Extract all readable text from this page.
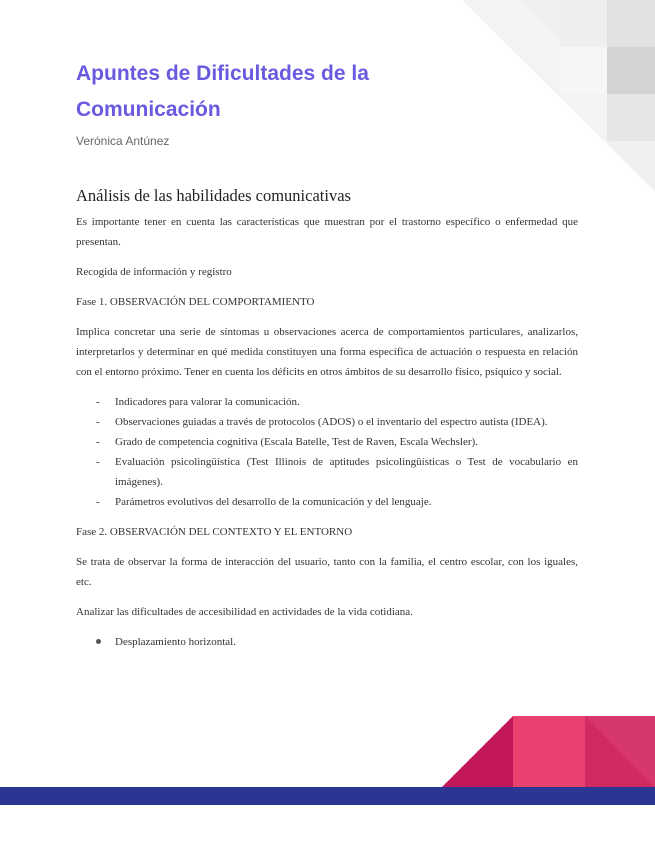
Apuntes de Dificultades de la
Comunicación
Verónica Antúnez
Análisis de las habilidades comunicativas

Es importante tener en cuenta las características que muestran por el trastorno específico o enfermedad que presentan.

Recogida de información y registro

Fase 1. OBSERVACIÓN DEL COMPORTAMIENTO

Implica concretar una serie de síntomas u observaciones acerca de comportamientos particulares, analizarlos, interpretarlos y determinar en qué medida constituyen una forma específica de actuación o respuesta en relación con el entorno próximo. Tener en cuenta los déficits en otros ámbitos de su desarrollo físico, psíquico y social.

-	Indicadores para valorar la comunicación.
-	Observaciones guiadas a través de protocolos (ADOS) o el inventario del espectro autista (IDEA).
-	Grado de competencia cognitiva (Escala Batelle, Test de Raven, Escala Wechsler).
-	Evaluación psicolingüística (Test Illinois de aptitudes psicolingüísticas o Test de vocabulario en imágenes).
-	Parámetros evolutivos del desarrollo de la comunicación y del lenguaje.

Fase 2. OBSERVACIÓN DEL CONTEXTO Y EL ENTORNO

Se trata de observar la forma de interacción del usuario, tanto con la familia, el centro escolar, con los iguales, etc.

Analizar las dificultades de accesibilidad en actividades de la vida cotidiana.

Desplazamiento horizontal.
